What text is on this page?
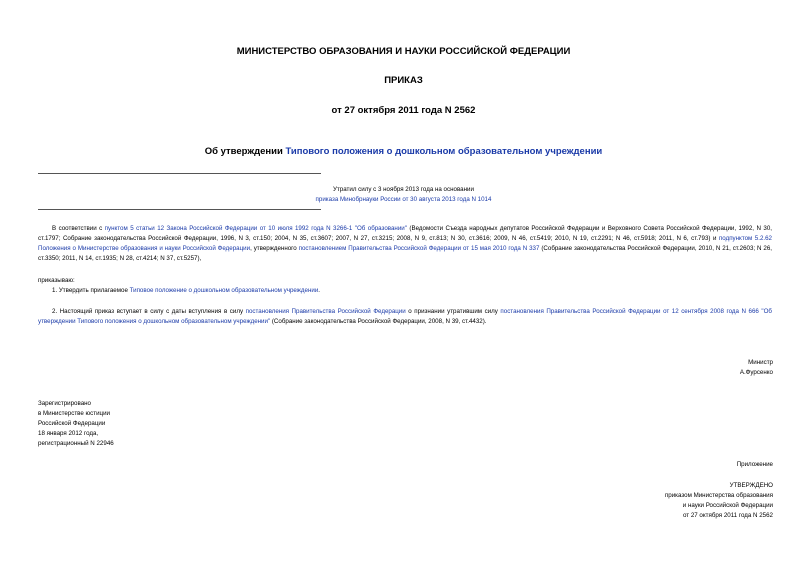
МИНИСТЕРСТВО ОБРАЗОВАНИЯ И НАУКИ РОССИЙСКОЙ ФЕДЕРАЦИИ
ПРИКАЗ
от 27 октября 2011 года N 2562
Об утверждении Типового положения о дошкольном образовательном учреждении
Утратил силу с 3 ноября 2013 года на основании
приказа Минобрнауки России от 30 августа 2013 года N 1014
В соответствии с пунктом 5 статьи 12 Закона Российской Федерации от 10 июля 1992 года N 3266-1 "Об образовании" (Ведомости Съезда народных депутатов Российской Федерации и Верховного Совета Российской Федерации, 1992, N 30, ст.1797; Собрание законодательства Российской Федерации, 1996, N 3, ст.150; 2004, N 35, ст.3607; 2007, N 27, ст.3215; 2008, N 9, ст.813; N 30, ст.3616; 2009, N 46, ст.5419; 2010, N 19, ст.2291; N 46, ст.5918; 2011, N 6, ст.793) и подпунктом 5.2.62 Положения о Министерстве образования и науки Российской Федерации, утвержденного постановлением Правительства Российской Федерации от 15 мая 2010 года N 337 (Собрание законодательства Российской Федерации, 2010, N 21, ст.2603; N 26, ст.3350; 2011, N 14, ст.1935; N 28, ст.4214; N 37, ст.5257),
приказываю:
1. Утвердить прилагаемое Типовое положение о дошкольном образовательном учреждении.
2. Настоящий приказ вступает в силу с даты вступления в силу постановления Правительства Российской Федерации о признании утратившим силу постановления Правительства Российской Федерации от 12 сентября 2008 года N 666 "Об утверждении Типового положения о дошкольном образовательном учреждении" (Собрание законодательства Российской Федерации, 2008, N 39, ст.4432).
Министр
А.Фурсенко
Зарегистрировано
в Министерстве юстиции
Российской Федерации
18 января 2012 года,
регистрационный N 22946
Приложение
УТВЕРЖДЕНО
приказом Министерства образования
и науки Российской Федерации
от 27 октября 2011 года N 2562
